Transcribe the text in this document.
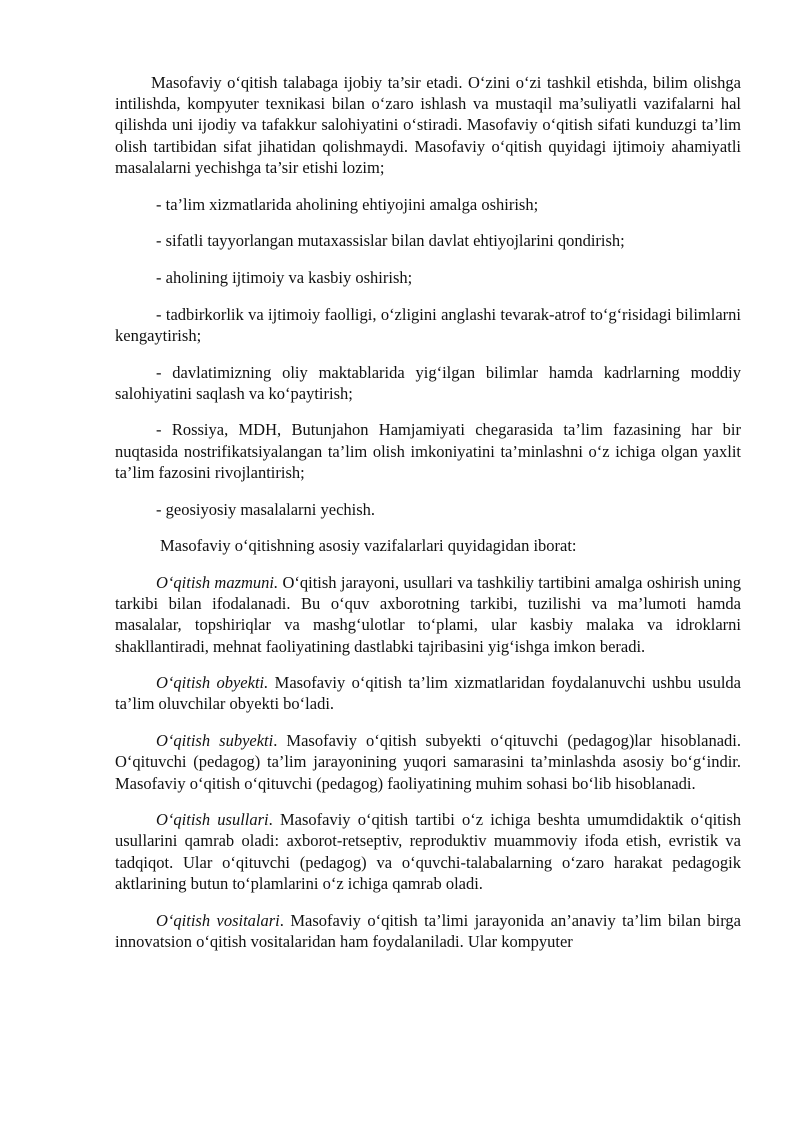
Masofaviy o‘qitish talabaga ijobiy ta’sir etadi. O‘zini o‘zi tashkil etishda, bilim olishga intilishda, kompyuter texnikasi bilan o‘zaro ishlash va mustaqil ma’suliyatli vazifalarni hal qilishda uni ijodiy va tafakkur salohiyatini o‘stiradi. Masofaviy o‘qitish sifati kunduzgi ta’lim olish tartibidan sifat jihatidan qolishmaydi. Masofaviy o‘qitish quyidagi ijtimoiy ahamiyatli masalalarni yechishga ta’sir etishi lozim;

- ta’lim xizmatlarida aholining ehtiyojini amalga oshirish;

- sifatli tayyorlangan mutaxassislar bilan davlat ehtiyojlarini qondirish;

- aholining ijtimoiy va kasbiy oshirish;

- tadbirkorlik va ijtimoiy faolligi, o‘zligini anglashi tevarak-atrof to‘g‘risidagi bilimlarni kengaytirish;

- davlatimizning oliy maktablarida yig‘ilgan bilimlar hamda kadrlarning moddiy salohiyatini saqlash va ko‘paytirish;

- Rossiya, MDH, Butunjahon Hamjamiyati chegarasida ta’lim fazasining har bir nuqtasida nostrifikatsiyalangan ta’lim olish imkoniyatini ta’minlashni o‘z ichiga olgan yaxlit ta’lim fazosini rivojlantirish;

- geosiyosiy masalalarni yechish.

Masofaviy o‘qitishning asosiy vazifalarlari quyidagidan iborat:

O‘qitish mazmuni. O‘qitish jarayoni, usullari va tashkiliy tartibini amalga oshirish uning tarkibi bilan ifodalanadi. Bu o‘quv axborotning tarkibi, tuzilishi va ma’lumoti hamda masalalar, topshiriqlar va mashg‘ulotlar to‘plami, ular kasbiy malaka va idroklarni shakllantiradi, mehnat faoliyatining dastlabki tajribasini yig‘ishga imkon beradi.

O‘qitish obyekti. Masofaviy o‘qitish ta’lim xizmatlaridan foydalanuvchi ushbu usulda ta’lim oluvchilar obyekti bo‘ladi.

O‘qitish subyekti. Masofaviy o‘qitish subyekti o‘qituvchi (pedagog)lar hisoblanadi. O‘qituvchi (pedagog) ta’lim jarayonining yuqori samarasini ta’minlashda asosiy bo‘g‘indir. Masofaviy o‘qitish o‘qituvchi (pedagog) faoliyatining muhim sohasi bo‘lib hisoblanadi.

O‘qitish usullari. Masofaviy o‘qitish tartibi o‘z ichiga beshta umumdidaktik o‘qitish usullarini qamrab oladi: axborot-retseptiv, reproduktiv muammoviy ifoda etish, evristik va tadqiqot. Ular o‘qituvchi (pedagog) va o‘quvchi-talabalarning o‘zaro harakat pedagogik aktlarining butun to‘plamlarini o‘z ichiga qamrab oladi.

O‘qitish vositalari. Masofaviy o‘qitish ta’limi jarayonida an’anaviy ta’lim bilan birga innovatsion o‘qitish vositalaridan ham foydalaniladi. Ular kompyuter
